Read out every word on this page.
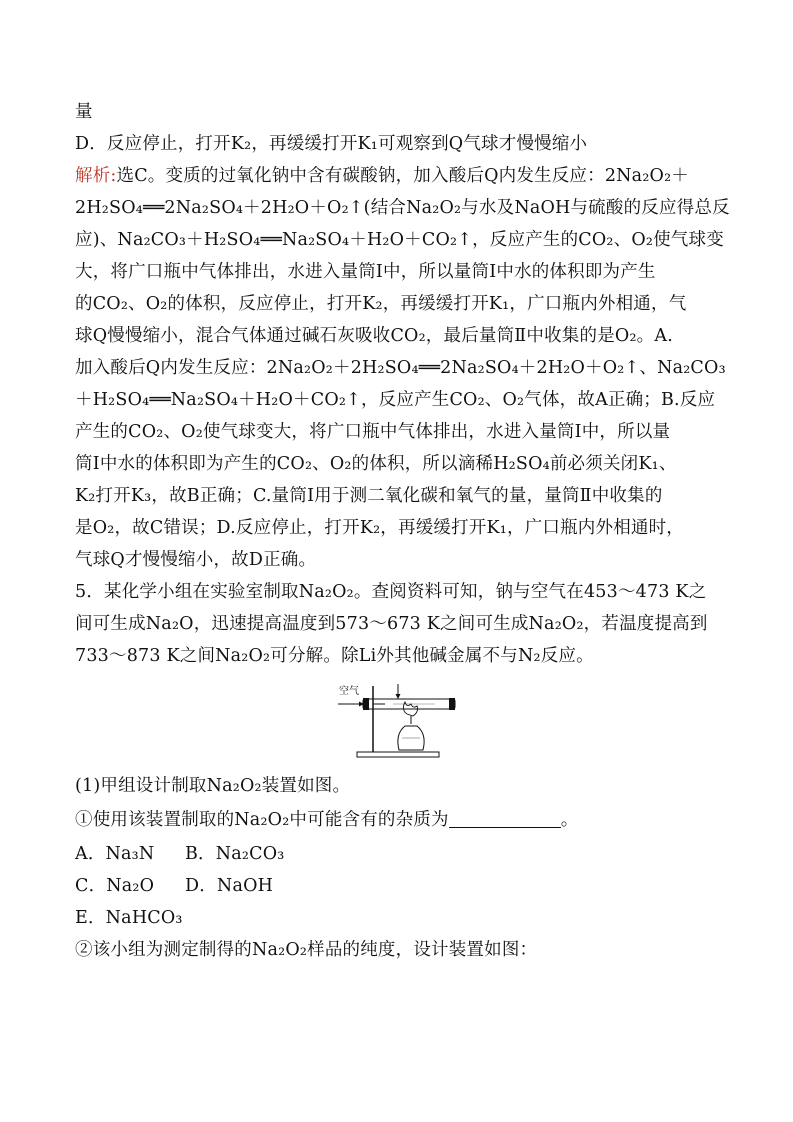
量
D．反应停止，打开K₂，再缓缓打开K₁可观察到Q气球才慢慢缩小
解析:选C。变质的过氧化钠中含有碳酸钠，加入酸后Q内发生反应：2Na₂O₂＋
2H₂SO₄══2Na₂SO₄＋2H₂O＋O₂↑(结合Na₂O₂与水及NaOH与硫酸的反应得总反
应)、Na₂CO₃＋H₂SO₄══Na₂SO₄＋H₂O＋CO₂↑，反应产生的CO₂、O₂使气球变
大，将广口瓶中气体排出，水进入量筒Ⅰ中，所以量筒Ⅰ中水的体积即为产生
的CO₂、O₂的体积，反应停止，打开K₂，再缓缓打开K₁，广口瓶内外相通，气
球Q慢慢缩小，混合气体通过碱石灰吸收CO₂，最后量筒Ⅱ中收集的是O₂。A.
加入酸后Q内发生反应：2Na₂O₂＋2H₂SO₄══2Na₂SO₄＋2H₂O＋O₂↑、Na₂CO₃
＋H₂SO₄══Na₂SO₄＋H₂O＋CO₂↑，反应产生CO₂、O₂气体，故A正确；B.反应
产生的CO₂、O₂使气球变大，将广口瓶中气体排出，水进入量筒Ⅰ中，所以量
筒Ⅰ中水的体积即为产生的CO₂、O₂的体积，所以滴稀H₂SO₄前必须关闭K₁、
K₂打开K₃，故B正确；C.量筒Ⅰ用于测二氧化碳和氧气的量，量筒Ⅱ中收集的
是O₂，故C错误；D.反应停止，打开K₂，再缓缓打开K₁，广口瓶内外相通时，
气球Q才慢慢缩小，故D正确。
5．某化学小组在实验室制取Na₂O₂。查阅资料可知，钠与空气在453～473 K之
间可生成Na₂O，迅速提高温度到573～673 K之间可生成Na₂O₂，若温度提高到
733～873 K之间Na₂O₂可分解。除Li外其他碱金属不与N₂反应。
空气
(1)甲组设计制取Na₂O₂装置如图。
①使用该装置制取的Na₂O₂中可能含有的杂质为	。
A．Na₃N B．Na₂CO₃
C．Na₂O D．NaOH
E．NaHCO₃
②该小组为测定制得的Na₂O₂样品的纯度，设计装置如图：
